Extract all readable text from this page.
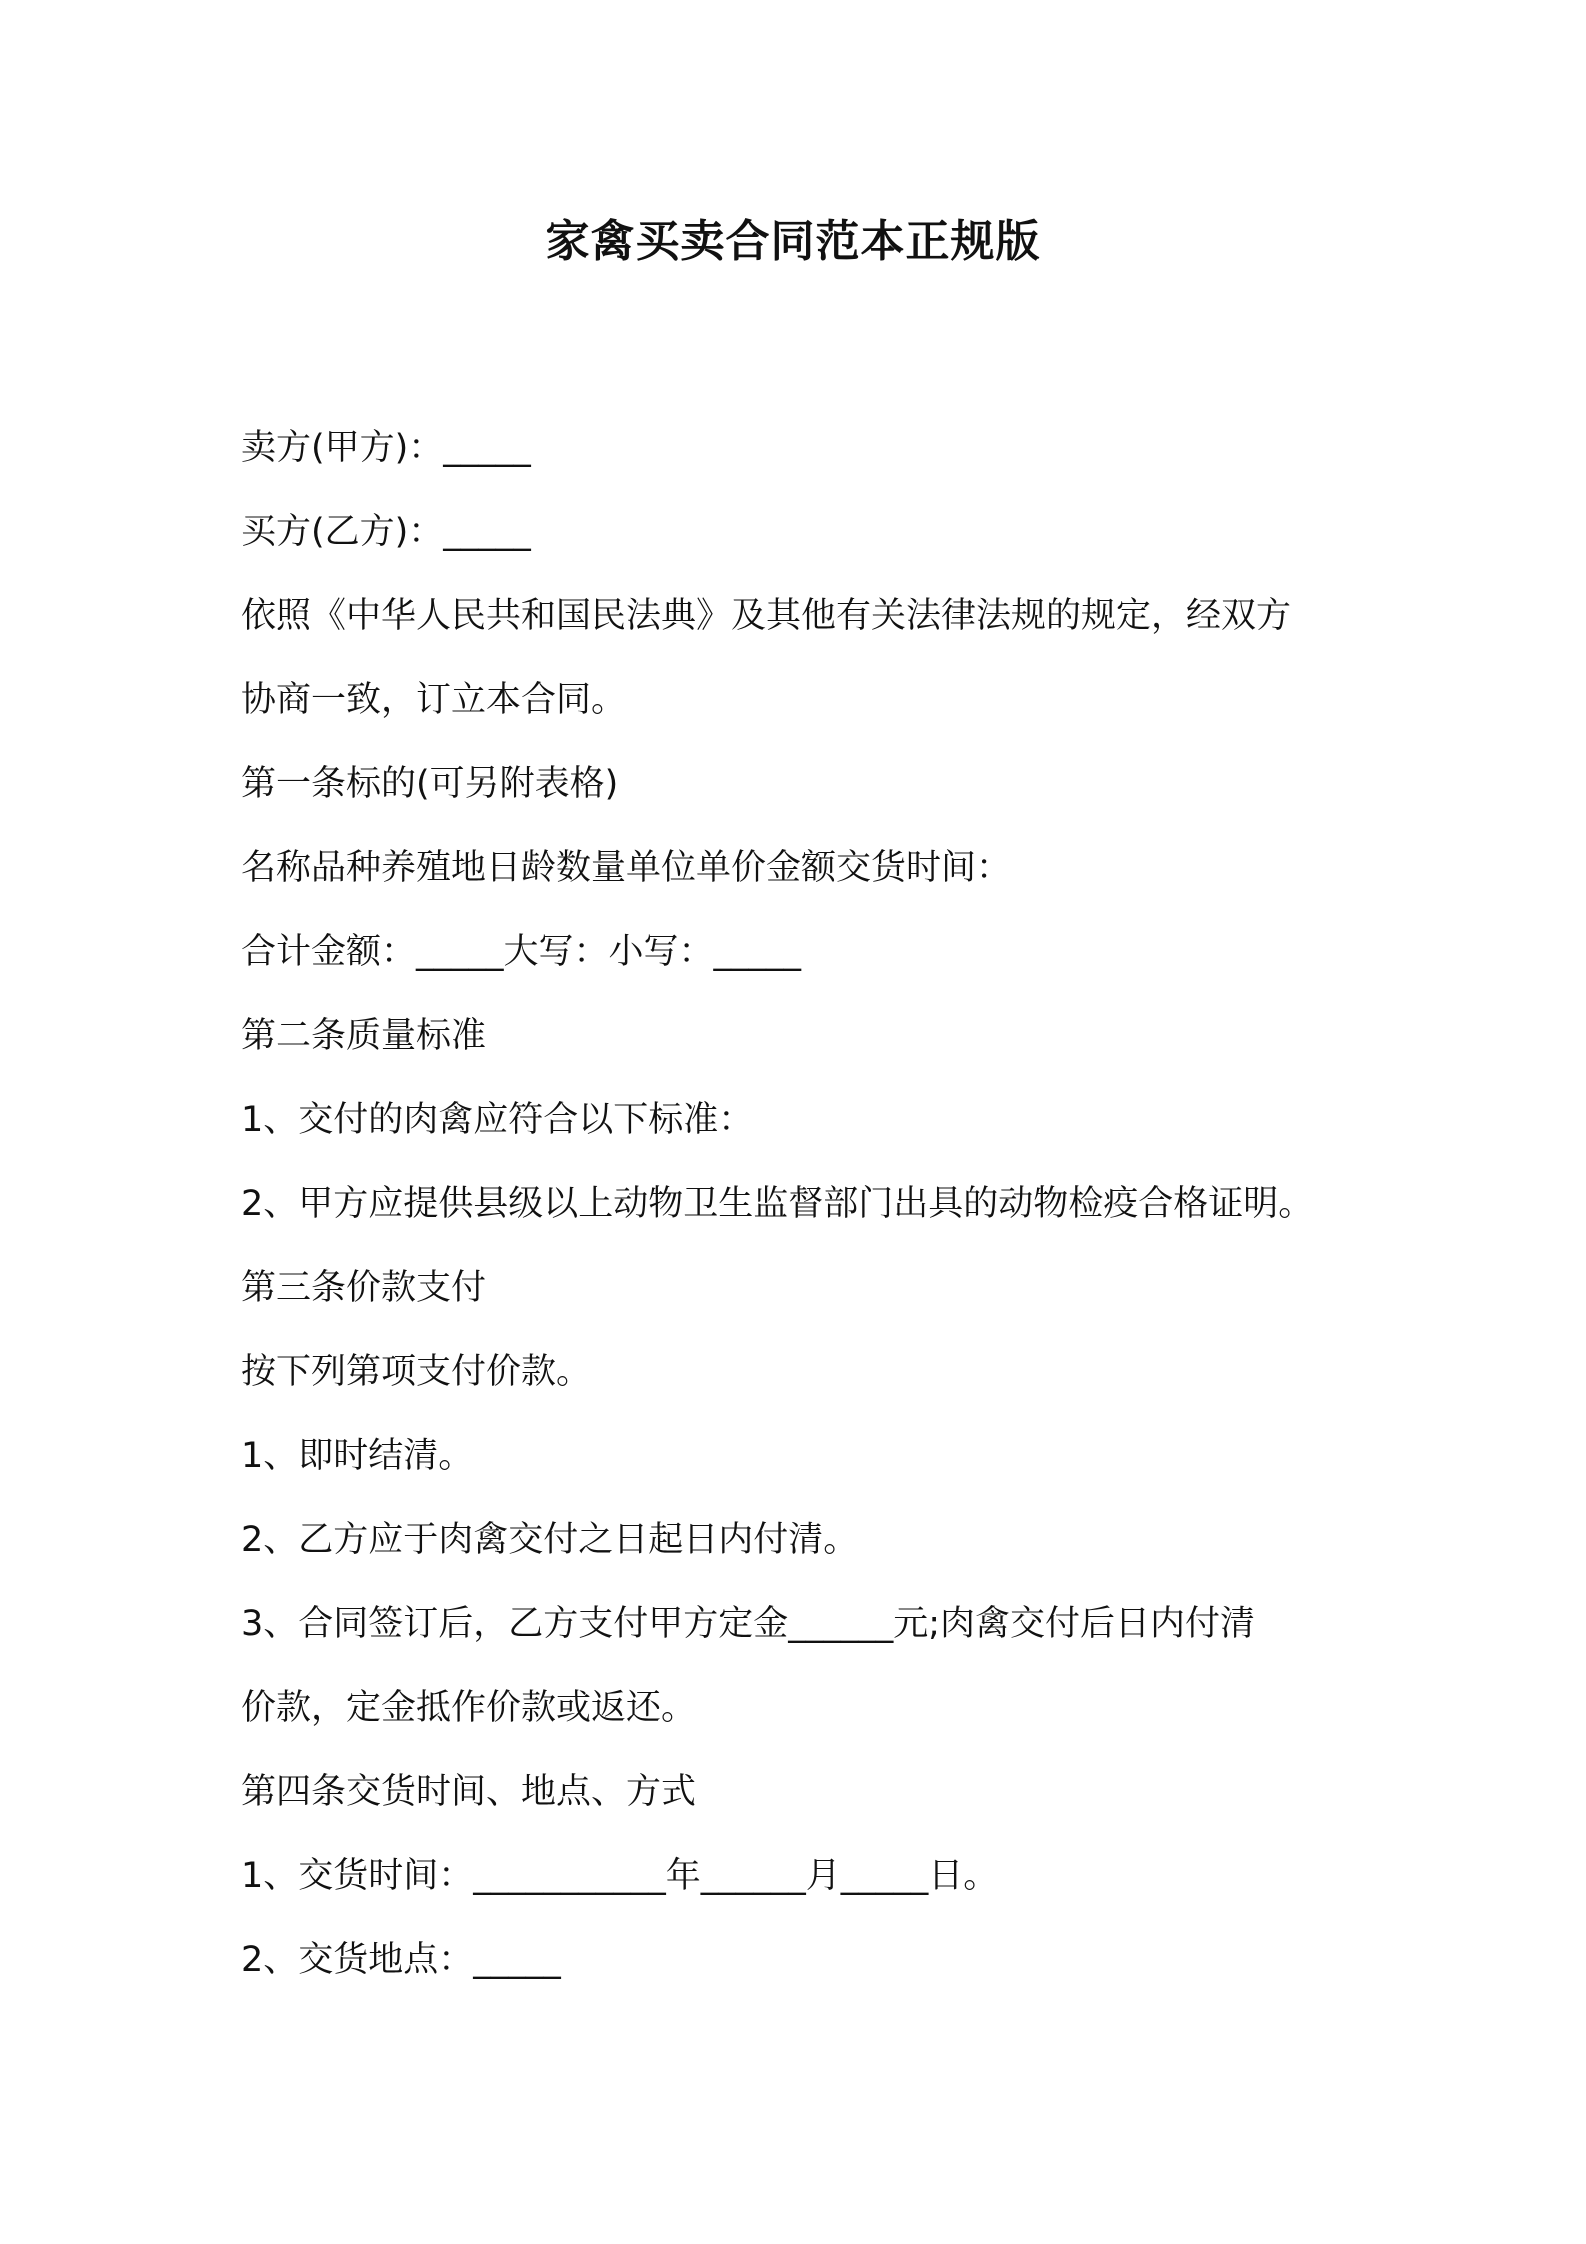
家禽买卖合同范本正规版
卖方(甲方)：_____
买方(乙方)：_____
依照《中华人民共和国民法典》及其他有关法律法规的规定，经双方
协商一致，订立本合同。
第一条标的(可另附表格)
名称品种养殖地日龄数量单位单价金额交货时间：
合计金额：_____大写：小写：_____
第二条质量标准
1、交付的肉禽应符合以下标准：
2、甲方应提供县级以上动物卫生监督部门出具的动物检疫合格证明。
第三条价款支付
按下列第项支付价款。
1、即时结清。
2、乙方应于肉禽交付之日起日内付清。
3、合同签订后，乙方支付甲方定金______元;肉禽交付后日内付清
价款，定金抵作价款或返还。
第四条交货时间、地点、方式
1、交货时间：___________年______月_____日。
2、交货地点：_____
